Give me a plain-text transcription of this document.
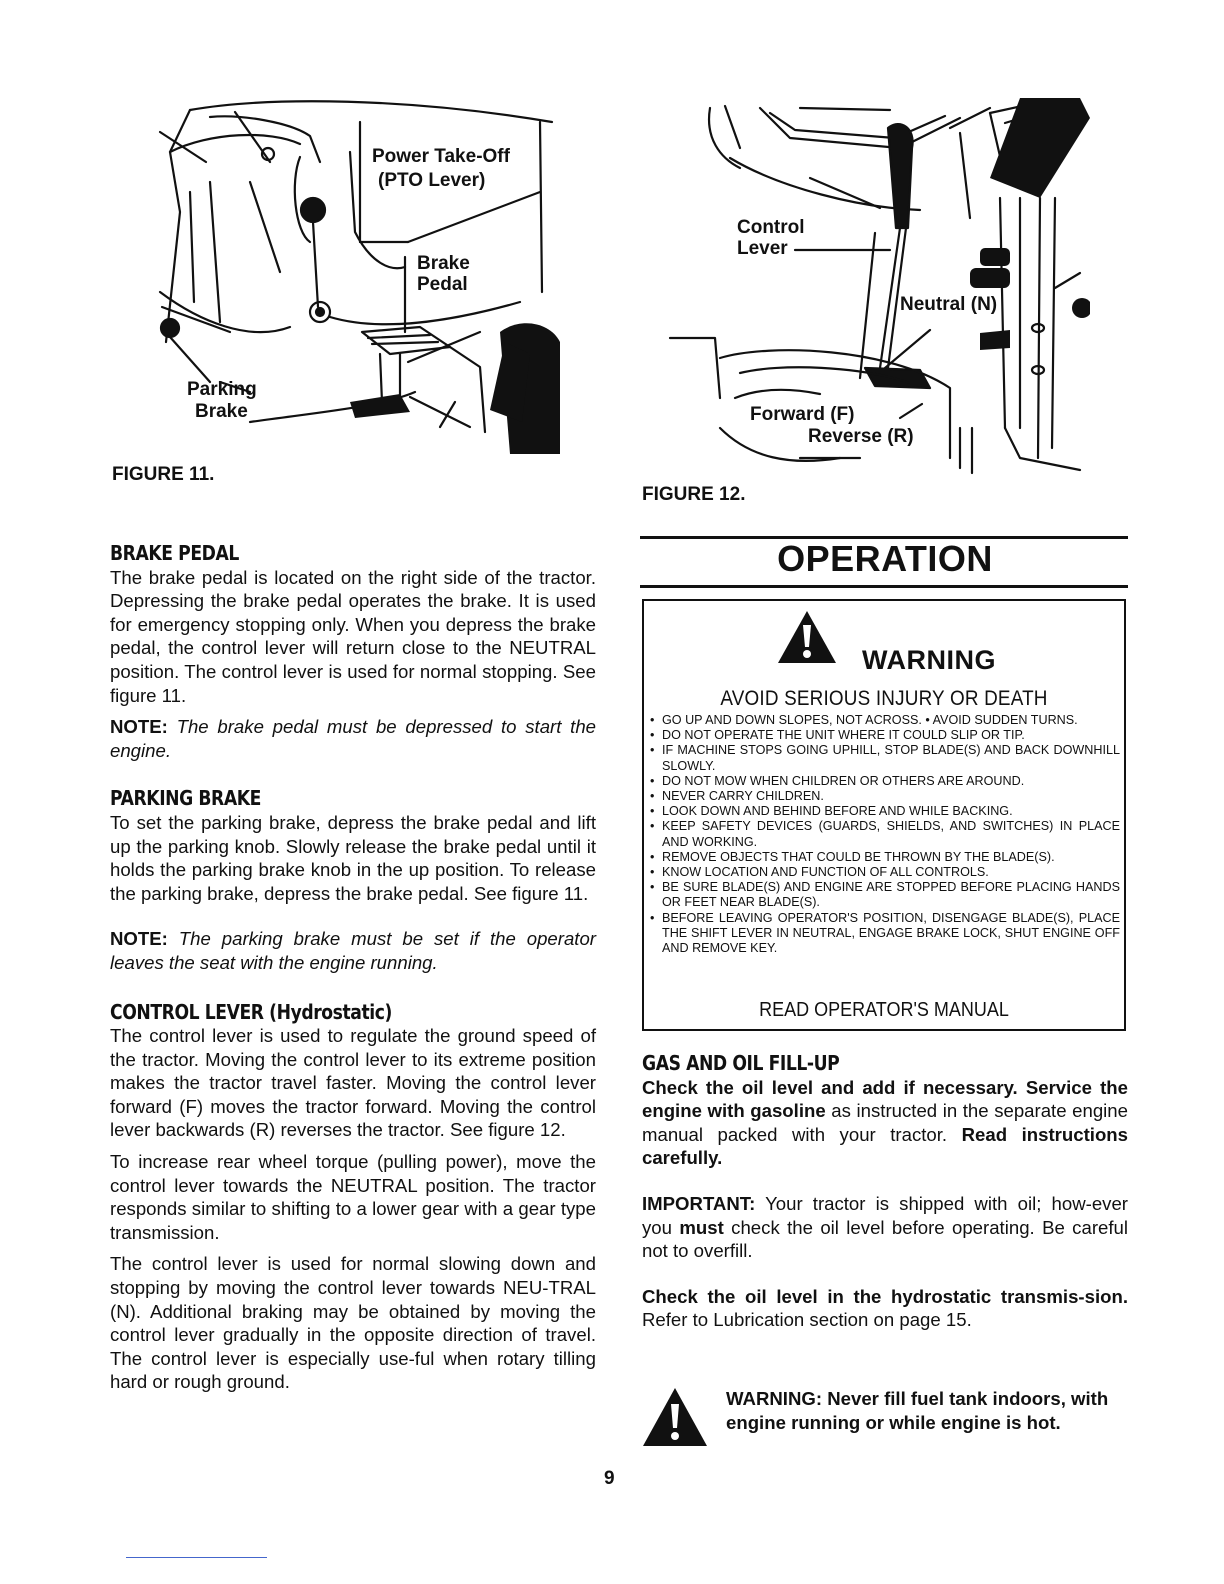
Power Take-Off
(PTO Lever)
Brake
Pedal
Parking
Brake
FIGURE 11.
Control
Lever
Neutral (N)
Forward (F)
Reverse (R)
FIGURE 12.
BRAKE PEDAL

The brake pedal is located on the right side of the tractor. Depressing the brake pedal operates the brake. It is used for emergency stopping only. When you depress the brake pedal, the control lever will return close to the NEUTRAL position. The control lever is used for normal stopping. See figure 11.

NOTE: The brake pedal must be depressed to start the engine.

PARKING BRAKE

To set the parking brake, depress the brake pedal and lift up the parking knob. Slowly release the brake pedal until it holds the parking brake knob in the up position. To release the parking brake, depress the brake pedal. See figure 11.

NOTE: The parking brake must be set if the operator leaves the seat with the engine running.

CONTROL LEVER (Hydrostatic)

The control lever is used to regulate the ground speed of the tractor. Moving the control lever to its extreme position makes the tractor travel faster. Moving the control lever forward (F) moves the tractor forward. Moving the control lever backwards (R) reverses the tractor. See figure 12.

To increase rear wheel torque (pulling power), move the control lever towards the NEUTRAL position. The tractor responds similar to shifting to a lower gear with a gear type transmission.

The control lever is used for normal slowing down and stopping by moving the control lever towards NEU-TRAL (N). Additional braking may be obtained by moving the control lever gradually in the opposite direction of travel. The control lever is especially use-ful when rotary tilling hard or rough ground.

OPERATION
WARNING
AVOID SERIOUS INJURY OR DEATH
• GO UP AND DOWN SLOPES, NOT ACROSS. • AVOID SUDDEN TURNS.
• DO NOT OPERATE THE UNIT WHERE IT COULD SLIP OR TIP.
• IF MACHINE STOPS GOING UPHILL, STOP BLADE(S) AND BACK DOWNHILL SLOWLY.
• DO NOT MOW WHEN CHILDREN OR OTHERS ARE AROUND.
• NEVER CARRY CHILDREN.
• LOOK DOWN AND BEHIND BEFORE AND WHILE BACKING.
• KEEP SAFETY DEVICES (GUARDS, SHIELDS, AND SWITCHES) IN PLACE AND WORKING.
• REMOVE OBJECTS THAT COULD BE THROWN BY THE BLADE(S).
• KNOW LOCATION AND FUNCTION OF ALL CONTROLS.
• BE SURE BLADE(S) AND ENGINE ARE STOPPED BEFORE PLACING HANDS OR FEET NEAR BLADE(S).
• BEFORE LEAVING OPERATOR'S POSITION, DISENGAGE BLADE(S), PLACE THE SHIFT LEVER IN NEUTRAL, ENGAGE BRAKE LOCK, SHUT ENGINE OFF AND REMOVE KEY.
READ OPERATOR'S MANUAL
GAS AND OIL FILL-UP

Check the oil level and add if necessary. Service the engine with gasoline as instructed in the separate engine manual packed with your tractor. Read instructions carefully.

IMPORTANT: Your tractor is shipped with oil; how-ever you must check the oil level before operating. Be careful not to overfill.

Check the oil level in the hydrostatic transmis-sion. Refer to Lubrication section on page 15.

WARNING: Never fill fuel tank indoors, with engine running or while engine is hot.
9
